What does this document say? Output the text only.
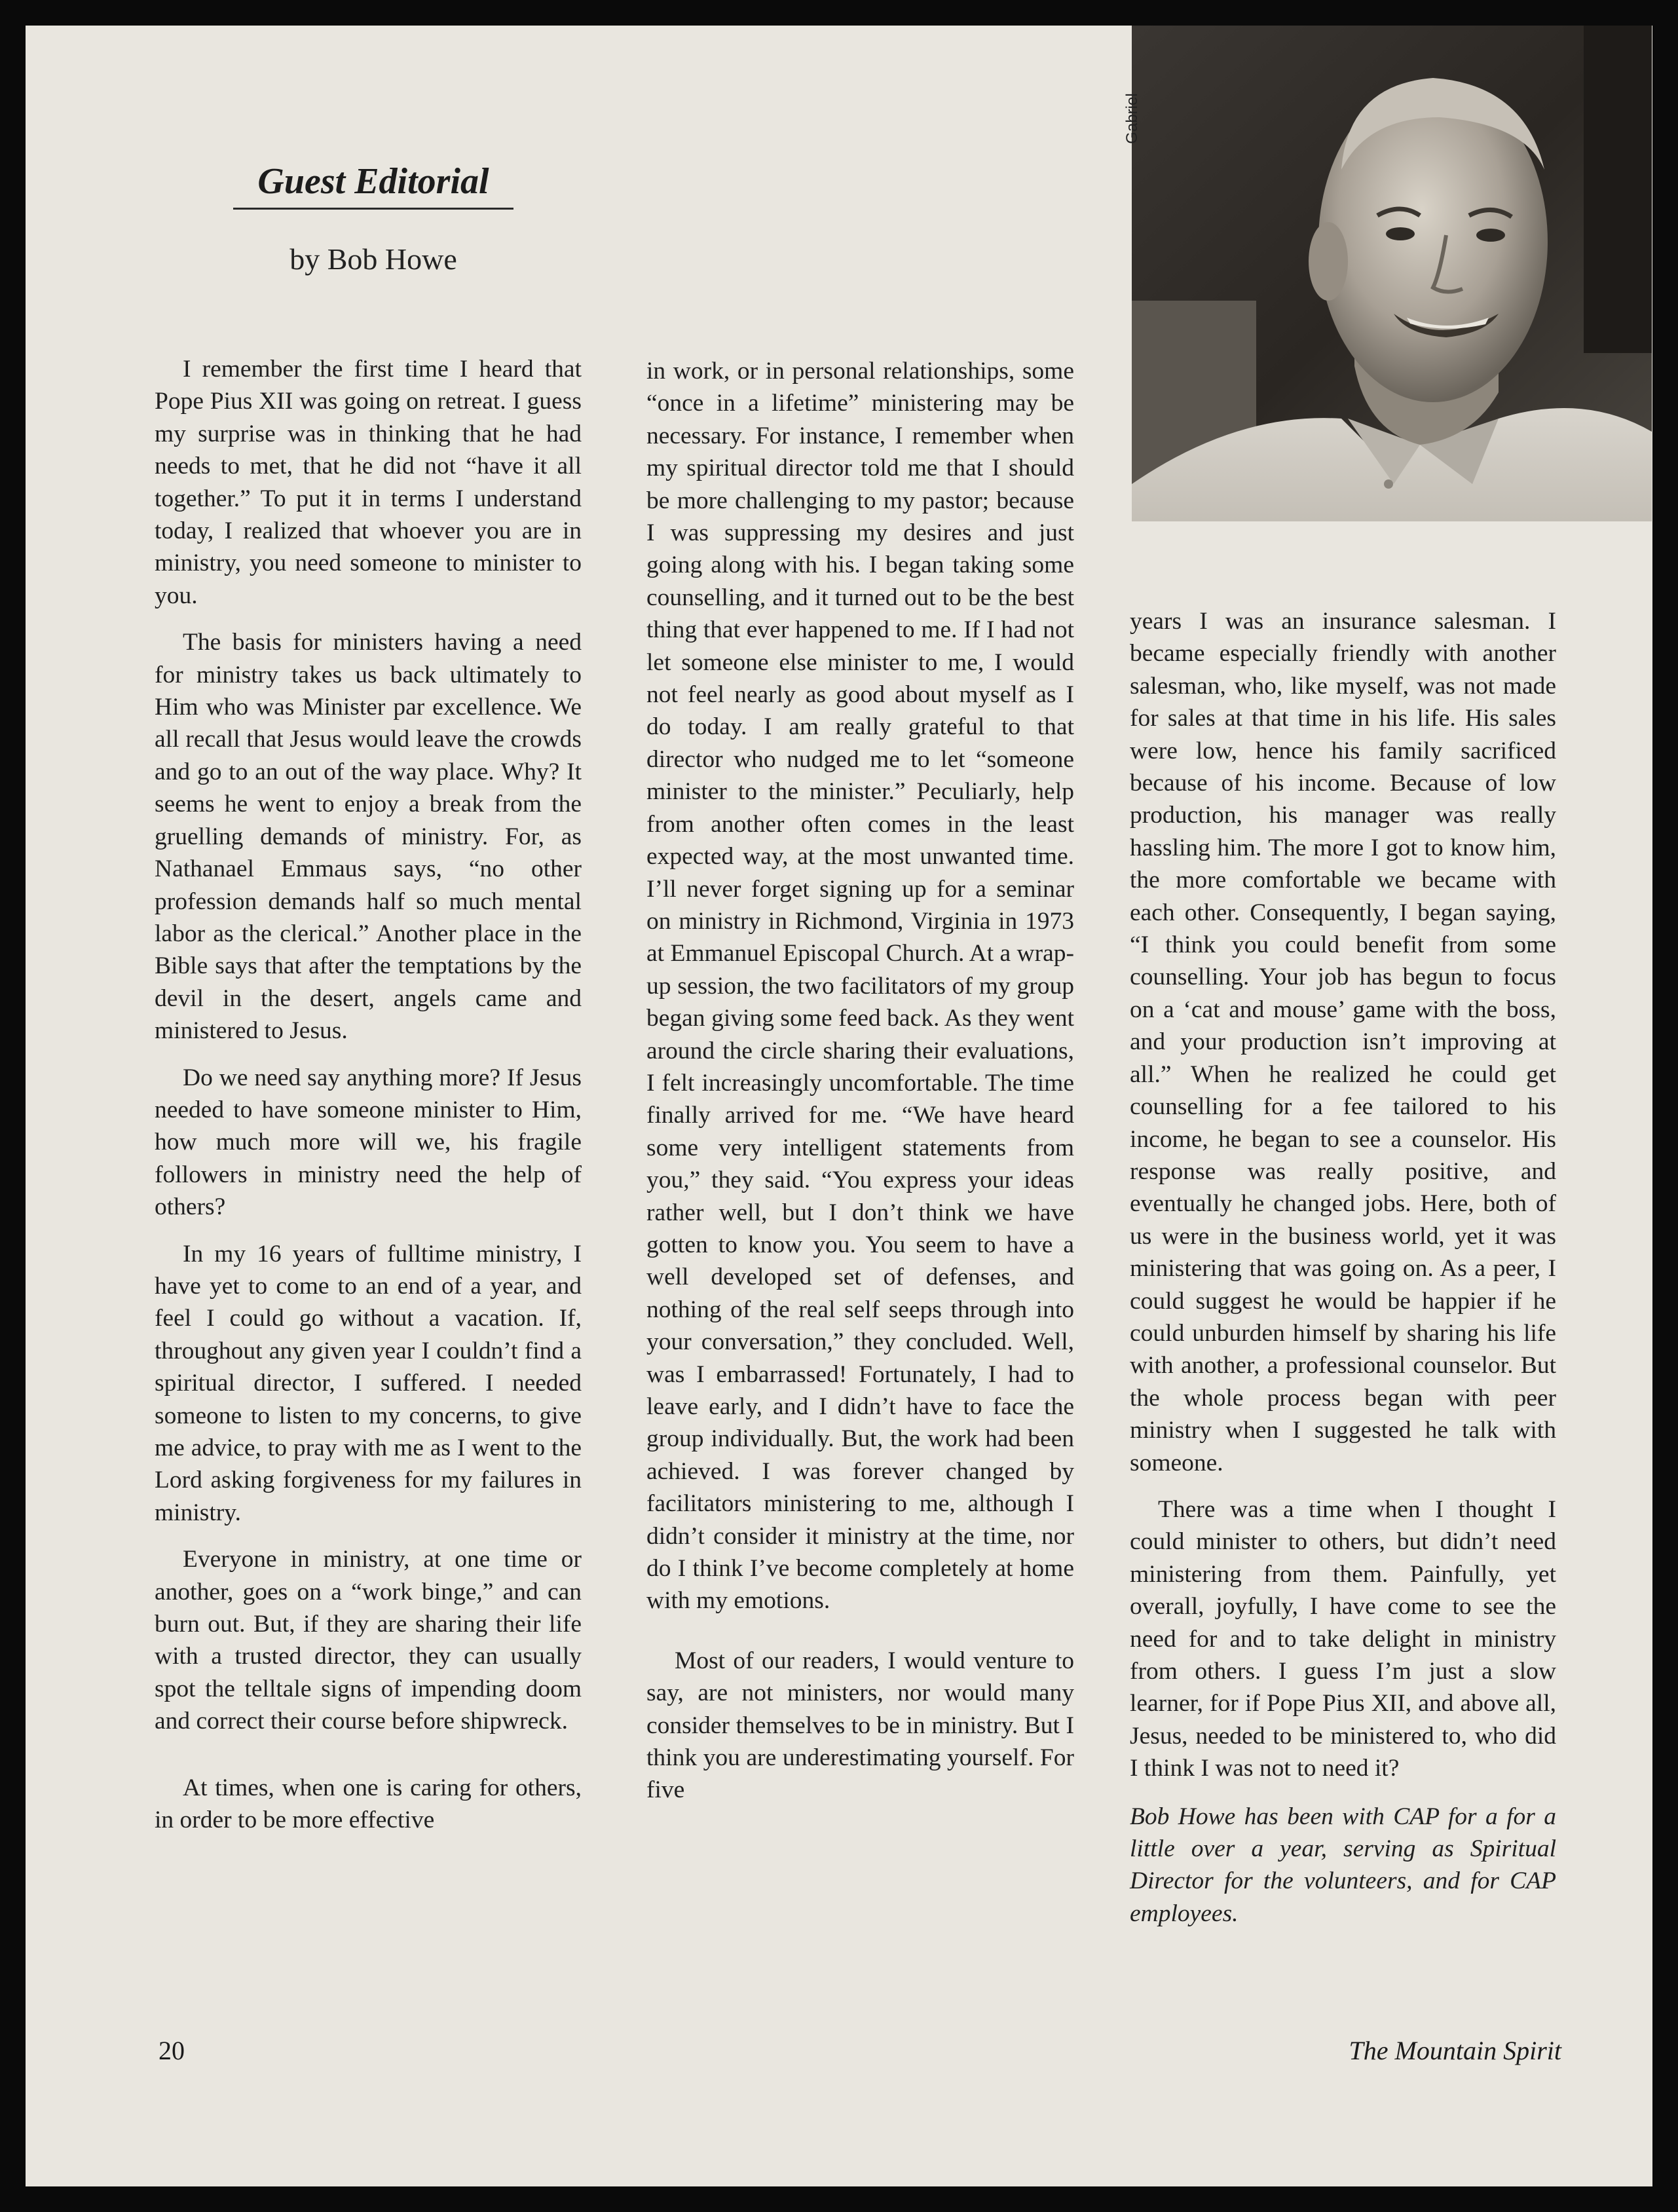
Guest Editorial
by Bob Howe
Gabriel

I remember the first time I heard that Pope Pius XII was going on retreat. I guess my surprise was in thinking that he had needs to met, that he did not “have it all together.” To put it in terms I understand today, I realized that whoever you are in ministry, you need someone to minister to you.

The basis for ministers having a need for ministry takes us back ultimately to Him who was Minister par excellence. We all recall that Jesus would leave the crowds and go to an out of the way place. Why? It seems he went to enjoy a break from the gruelling demands of ministry. For, as Nathanael Emmaus says, “no other profession demands half so much mental labor as the clerical.” Another place in the Bible says that after the temptations by the devil in the desert, angels came and ministered to Jesus.

Do we need say anything more? If Jesus needed to have someone minister to Him, how much more will we, his fragile followers in ministry need the help of others?

In my 16 years of fulltime ministry, I have yet to come to an end of a year, and feel I could go without a vacation. If, throughout any given year I couldn’t find a spiritual director, I suffered. I needed someone to listen to my concerns, to give me advice, to pray with me as I went to the Lord asking forgiveness for my failures in ministry.

Everyone in ministry, at one time or another, goes on a “work binge,” and can burn out. But, if they are sharing their life with a trusted director, they can usually spot the telltale signs of impending doom and correct their course before shipwreck.

At times, when one is caring for others, in order to be more effective

in work, or in personal relationships, some “once in a lifetime” ministering may be necessary. For instance, I remember when my spiritual director told me that I should be more challenging to my pastor; because I was suppressing my desires and just going along with his. I began taking some counselling, and it turned out to be the best thing that ever happened to me. If I had not let someone else minister to me, I would not feel nearly as good about myself as I do today. I am really grateful to that director who nudged me to let “someone minister to the minister.” Peculiarly, help from another often comes in the least expected way, at the most unwanted time. I’ll never forget signing up for a seminar on ministry in Richmond, Virginia in 1973 at Emmanuel Episcopal Church. At a wrap-up session, the two facilitators of my group began giving some feed back. As they went around the circle sharing their evaluations, I felt increasingly uncomfortable. The time finally arrived for me. “We have heard some very intelligent statements from you,” they said. “You express your ideas rather well, but I don’t think we have gotten to know you. You seem to have a well developed set of defenses, and nothing of the real self seeps through into your conversation,” they concluded. Well, was I embarrassed! Fortunately, I had to leave early, and I didn’t have to face the group individually. But, the work had been achieved. I was forever changed by facilitators ministering to me, although I didn’t consider it ministry at the time, nor do I think I’ve become completely at home with my emotions.

Most of our readers, I would venture to say, are not ministers, nor would many consider themselves to be in ministry. But I think you are underestimating yourself. For five

years I was an insurance salesman. I became especially friendly with another salesman, who, like myself, was not made for sales at that time in his life. His sales were low, hence his family sacrificed because of his income. Because of low production, his manager was really hassling him. The more I got to know him, the more comfortable we became with each other. Consequently, I began saying, “I think you could benefit from some counselling. Your job has begun to focus on a ‘cat and mouse’ game with the boss, and your production isn’t improving at all.” When he realized he could get counselling for a fee tailored to his income, he began to see a counselor. His response was really positive, and eventually he changed jobs. Here, both of us were in the business world, yet it was ministering that was going on. As a peer, I could suggest he would be happier if he could unburden himself by sharing his life with another, a professional counselor. But the whole process began with peer ministry when I suggested he talk with someone.

There was a time when I thought I could minister to others, but didn’t need ministering from them. Painfully, yet overall, joyfully, I have come to see the need for and to take delight in ministry from others. I guess I’m just a slow learner, for if Pope Pius XII, and above all, Jesus, needed to be ministered to, who did I think I was not to need it?

Bob Howe has been with CAP for a for a little over a year, serving as Spiritual Director for the volunteers, and for CAP employees.

20	The Mountain Spirit
